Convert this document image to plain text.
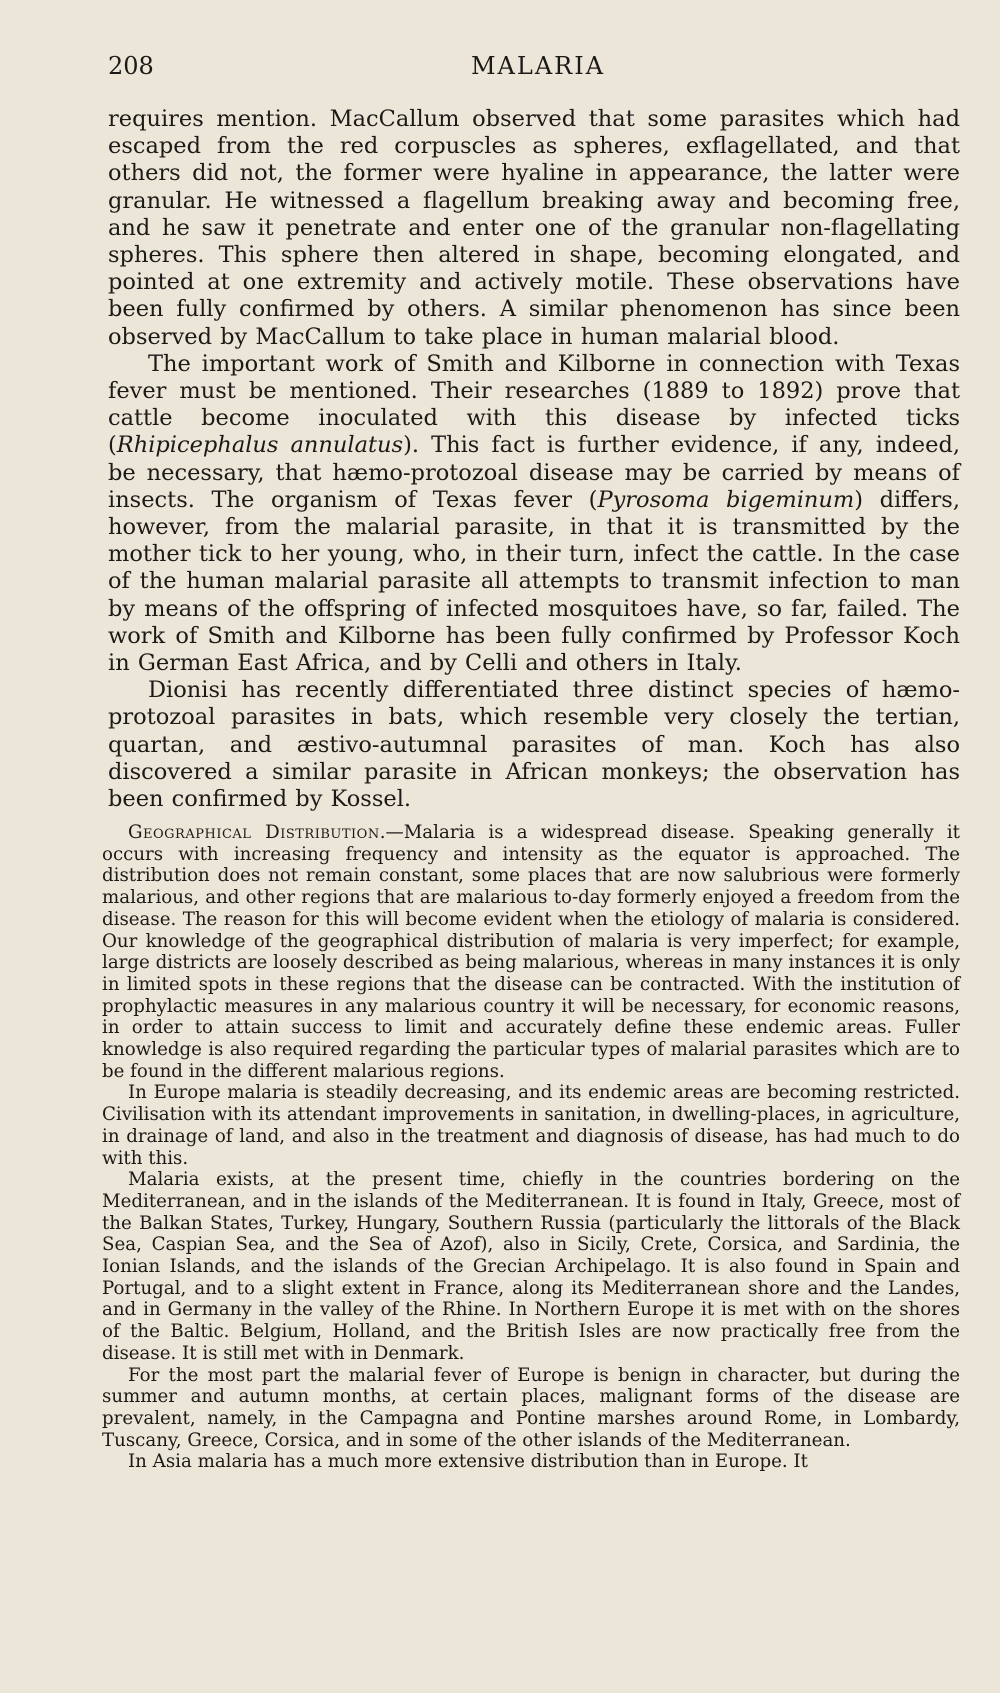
208	MALARIA

requires mention. MacCallum observed that some parasites which had escaped from the red corpuscles as spheres, exflagellated, and that others did not, the former were hyaline in appearance, the latter were granular. He witnessed a flagellum breaking away and becoming free, and he saw it penetrate and enter one of the granular non-flagellating spheres. This sphere then altered in shape, becoming elongated, and pointed at one extremity and actively motile. These observations have been fully confirmed by others. A similar phenomenon has since been observed by MacCallum to take place in human malarial blood.

The important work of Smith and Kilborne in connection with Texas fever must be mentioned. Their researches (1889 to 1892) prove that cattle become inoculated with this disease by infected ticks (Rhipicephalus annulatus). This fact is further evidence, if any, indeed, be necessary, that hæmo-protozoal disease may be carried by means of insects. The organism of Texas fever (Pyrosoma bigeminum) differs, however, from the malarial parasite, in that it is transmitted by the mother tick to her young, who, in their turn, infect the cattle. In the case of the human malarial parasite all attempts to transmit infection to man by means of the offspring of infected mosquitoes have, so far, failed. The work of Smith and Kilborne has been fully confirmed by Professor Koch in German East Africa, and by Celli and others in Italy.

Dionisi has recently differentiated three distinct species of hæmo-protozoal parasites in bats, which resemble very closely the tertian, quartan, and æstivo-autumnal parasites of man. Koch has also discovered a similar parasite in African monkeys; the observation has been confirmed by Kossel.

Geographical Distribution.—Malaria is a widespread disease. Speaking generally it occurs with increasing frequency and intensity as the equator is approached. The distribution does not remain constant, some places that are now salubrious were formerly malarious, and other regions that are malarious to-day formerly enjoyed a freedom from the disease. The reason for this will become evident when the etiology of malaria is considered. Our knowledge of the geographical distribution of malaria is very imperfect; for example, large districts are loosely described as being malarious, whereas in many instances it is only in limited spots in these regions that the disease can be contracted. With the institution of prophylactic measures in any malarious country it will be necessary, for economic reasons, in order to attain success to limit and accurately define these endemic areas. Fuller knowledge is also required regarding the particular types of malarial parasites which are to be found in the different malarious regions.

In Europe malaria is steadily decreasing, and its endemic areas are becoming restricted. Civilisation with its attendant improvements in sanitation, in dwelling-places, in agriculture, in drainage of land, and also in the treatment and diagnosis of disease, has had much to do with this.

Malaria exists, at the present time, chiefly in the countries bordering on the Mediterranean, and in the islands of the Mediterranean. It is found in Italy, Greece, most of the Balkan States, Turkey, Hungary, Southern Russia (particularly the littorals of the Black Sea, Caspian Sea, and the Sea of Azof), also in Sicily, Crete, Corsica, and Sardinia, the Ionian Islands, and the islands of the Grecian Archipelago. It is also found in Spain and Portugal, and to a slight extent in France, along its Mediterranean shore and the Landes, and in Germany in the valley of the Rhine. In Northern Europe it is met with on the shores of the Baltic. Belgium, Holland, and the British Isles are now practically free from the disease. It is still met with in Denmark.

For the most part the malarial fever of Europe is benign in character, but during the summer and autumn months, at certain places, malignant forms of the disease are prevalent, namely, in the Campagna and Pontine marshes around Rome, in Lombardy, Tuscany, Greece, Corsica, and in some of the other islands of the Mediterranean.

In Asia malaria has a much more extensive distribution than in Europe. It
